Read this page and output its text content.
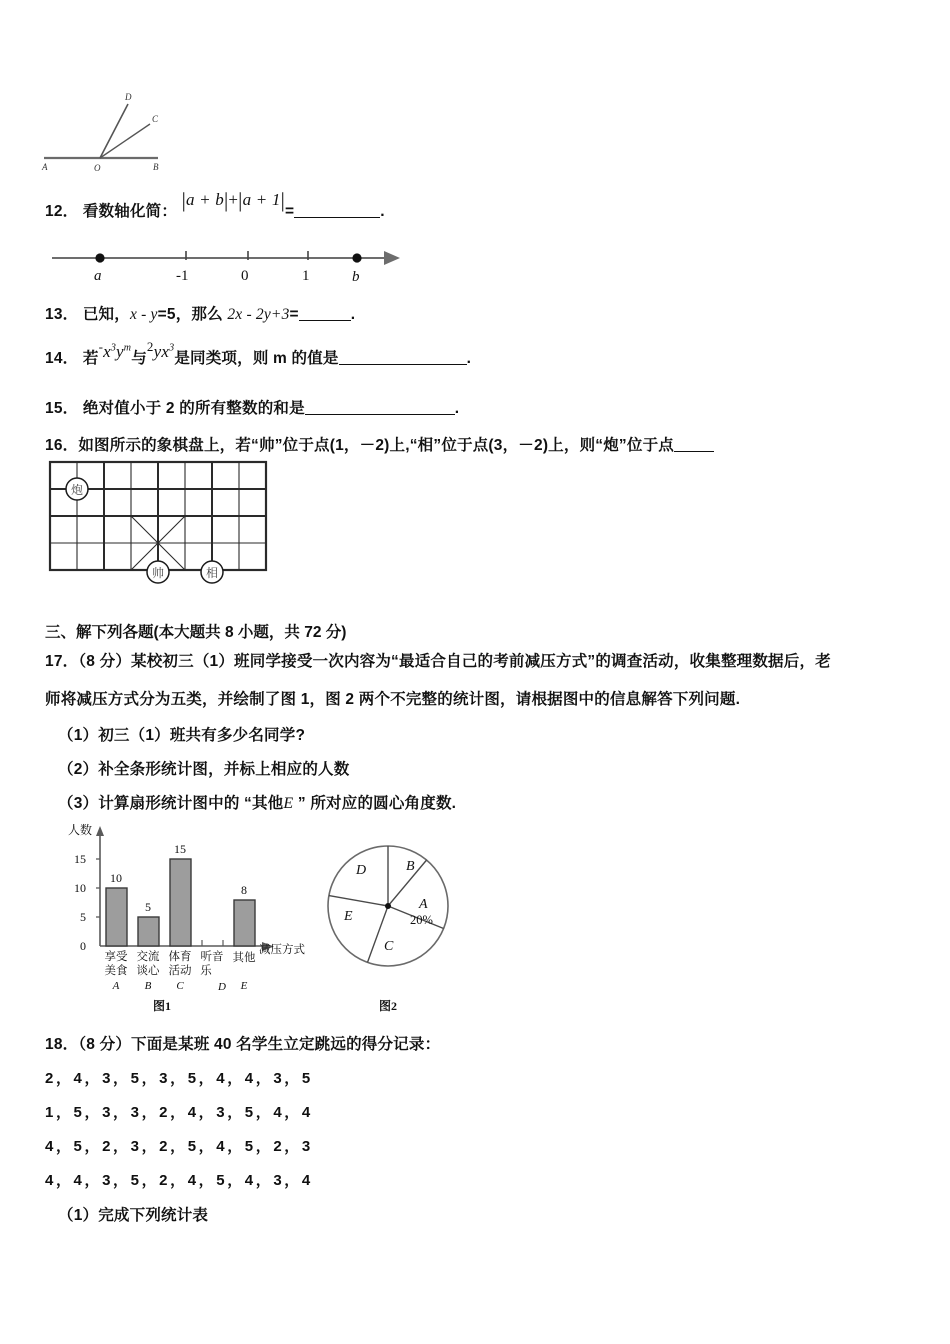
A	B
O
D
C
12． 看数轴化简： |a + b|+|a + 1|=	.
a	-1	0	1	b
13． 已知，x - y=5，那么 2x - 2y+3=	.
14． 若$^-x^3y^m$与$^2yx^3$是同类项，则 m 的值是	.
15． 绝对值小于 2 的所有整数的和是	.
16．如图所示的象棋盘上，若“帅”位于点(1，－2)上,“相”位于点(3，－2)上，则“炮”位于点
炮
帅	相
三、解下列各题(本大题共 8 小题，共 72 分)
17．（8 分）某校初三（1）班同学接受一次内容为“最适合自己的考前减压方式”的调查活动，收集整理数据后，老
师将减压方式分为五类，并绘制了图 1，图 2 两个不完整的统计图，请根据图中的信息解答下列问题.
（1）初三（1）班共有多少名同学?
（2）补全条形统计图，并标上相应的人数
（3）计算扇形统计图中的 “其他E ” 所对应的圆心角度数.
人数
0
5
10
15
10
5
15
8
享受
美食
A
交流
谈心
B
体育
活动
C
听音
乐
D
其他
E
减压方式
图1
B
A
20%
C
E
D
图2
18．（8 分）下面是某班 40 名学生立定跳远的得分记录：
2，4，3，5，3，5，4，4，3，5
1，5，3，3，2，4，3，5，4，4
4，5，2，3，2，5，4，5，2，3
4，4，3，5，2，4，5，4，3，4
（1）完成下列统计表
